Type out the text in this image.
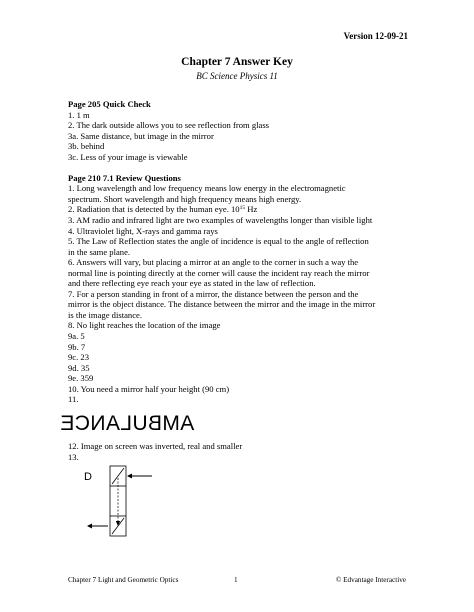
Version 12-09-21
Chapter 7 Answer Key
BC Science Physics 11
Page 205 Quick Check
1. 1 m
2. The dark outside allows you to see reflection from glass
3a. Same distance, but image in the mirror
3b. behind
3c. Less of your image is viewable
Page 210 7.1 Review Questions
1. Long wavelength and low frequency means low energy in the electromagnetic
spectrum. Short wavelength and high frequency means high energy.
2. Radiation that is detected by the human eye. $10^{15}$ Hz
3. AM radio and infrared light are two examples of wavelengths longer than visible light
4. Ultraviolet light, X-rays and gamma rays
5. The Law of Reflection states the angle of incidence is equal to the angle of reflection
in the same plane.
6. Answers will vary, but placing a mirror at an angle to the corner in such a way the
normal line is pointing directly at the corner will cause the incident ray reach the mirror
and there reflecting eye reach your eye as stated in the law of reflection.
7. For a person standing in front of a mirror, the distance between the person and the
mirror is the object distance. The distance between the mirror and the image in the mirror
is the image distance.
8. No light reaches the location of the image
9a. 5
9b. 7
9c. 23
9d. 35
9e. 359
10. You need a mirror half your height (90 cm)
11.
AMBULANCE
12. Image on screen was inverted, real and smaller
13.
D
Chapter 7 Light and Geometric Optics	1	© Edvantage Interactive
